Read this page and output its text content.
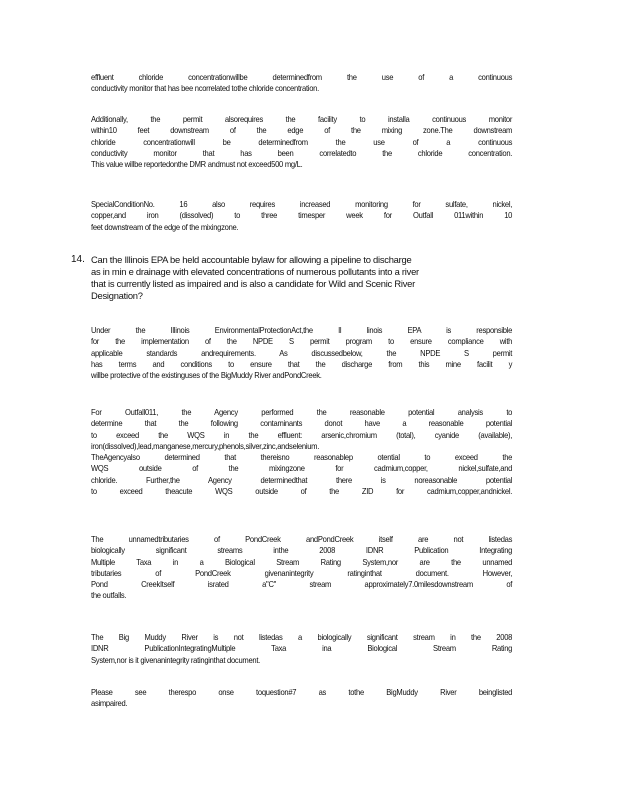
effluent chloride concentrationwillbe determinedfrom the use of a continuous
conductivity monitor that has bee ncorrelated tothe chloride concentration.
Additionally, the permit alsorequires the facility to installa continuous monitor
within10 feet downstream of the edge of the mixing zone.The downstream
chloride concentrationwill be determinedfrom the use of a continuous
conductivity monitor that has been correlatedto the chloride concentration.
This value willbe reportedonthe DMR andmust not exceed500 mg/L.
SpecialConditionNo. 16 also requires increased monitoring for sulfate, nickel,
copper,and iron (dissolved) to three timesper week for Outfall 011within 10
feet downstream of the edge of the mixingzone.
14. Can the Illinois EPA be held accountable bylaw for allowing a pipeline to discharge
as in min e drainage with elevated concentrations of numerous pollutants into a river
that is currently listed as impaired and is also a candidate for Wild and Scenic River
Designation?
Under the Illinois EnvironmentalProtectionAct,the Il linois EPA is responsible
for the implementation of the NPDE S permit program to ensure compliance with
applicable standards andrequirements. As discussedbelow, the NPDE S permit
has terms and conditions to ensure that the discharge from this mine facilit y
willbe protective of the existinguses of the BigMuddy River andPondCreek.
For Outfall011, the Agency performed the reasonable potential analysis to
determine that the following contaminants donot have a reasonable potential
to exceed the WQS in the effluent: arsenic,chromium (total), cyanide (available),
iron(dissolved),lead,manganese,mercury,phenols,silver,zinc,andselenium.
TheAgencyalso determined that thereisno reasonablep otential to exceed the
WQS outside of the mixingzone for cadmium,copper, nickel,sulfate,and
chloride. Further,the Agency determinedthat there is noreasonable potential
to exceed theacute WQS outside of the ZID for cadmium,copper,andnickel.
The unnamedtributaries of PondCreek andPondCreek itself are not listedas
biologically significant streams inthe 2008 IDNR Publication Integrating
Multiple Taxa in a Biological Stream Rating System,nor are the unnamed
tributaries of PondCreek givenanintegrity ratinginthat document. However,
Pond CreekItself israted a"C" stream approximately7.0milesdownstream of
the outfalls.
The Big Muddy River is not listedas a biologically significant stream in the 2008
IDNR PublicationIntegratingMultiple Taxa ina Biological Stream Rating
System,nor is it givenanintegrity ratinginthat document.
Please see therespo onse toquestion#7 as tothe BigMuddy River beinglisted
asimpaired.
